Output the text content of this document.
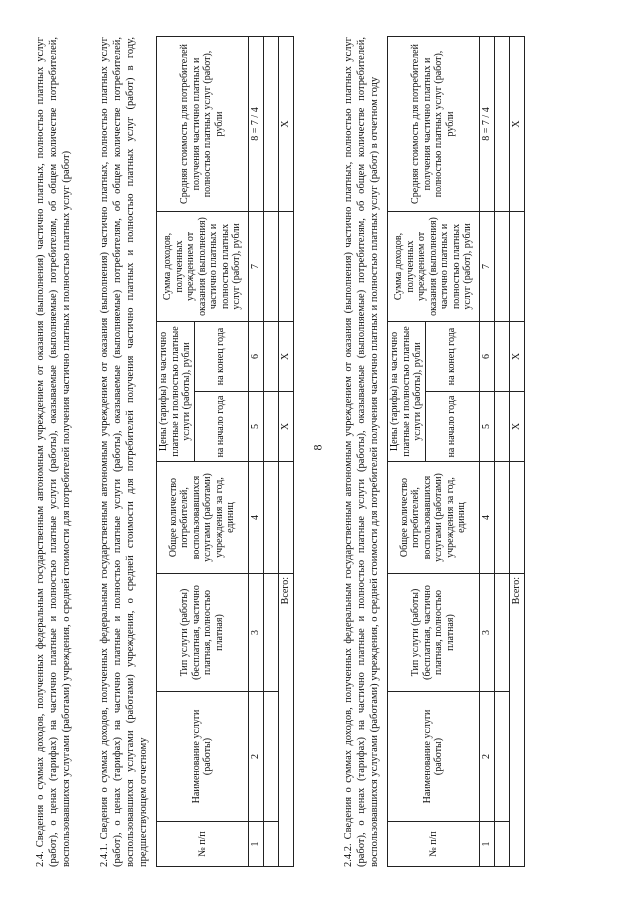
8

2.4.Сведения о суммах доходов, полученных федеральным государственным автономным учреждением от оказания (выполнения) частично платных, полностью платных услуг (работ), о ценах (тарифах) на частично платные и полностью платные услуги (работы), оказываемые (выполняемые) потребителям, об общем количестве потребителей, воспользовавшихся услугами (работами) учреждения, о средней стоимости для потребителей получения частично платных и полностью платных услуг (работ)	2.4.1.Сведения о суммах доходов, полученных федеральным государственным автономным учреждением от оказания (выполнения) частично платных, полностью платных услуг (работ), о ценах (тарифах) на частично платные и полностью платные услуги (работы), оказываемые (выполняемые) потребителям, об общем количестве потребителей, воспользовавшихся услугами (работами) учреждения, о средней стоимости для потребителей получения частично платных и полностью платных услуг (работ) в году, предшествующем отчетному	№ п/п	Наименование услуги (работы)	Тип услуги (работы) (бесплатная, частично платная, полностью платная)	Общее количество потребителей, воспользовавшихся услугами (работами) учреждения за год, единиц	Цены (тарифы) на частично платные и полностью платные услуги (работы), рубли		Сумма доходов, полученных учреждением от оказания (выполнения) частично платных и полностью платных услуг (работ), рубли	Средняя стоимость для потребителей получения частично платных и полностью платных услуг (работ), рубли
				на начало года	на конец года		
1	2	3	4	5	6	7	8 = 7 / 4

Всего:				X	X		X

2.4.2.Сведения о суммах доходов, полученных федеральным государственным автономным учреждением от оказания (выполнения) частично платных, полностью платных услуг (работ), о ценах (тарифах) на частично платные и полностью платные услуги (работы), оказываемые (выполняемые) потребителям, об общем количестве потребителей, воспользовавшихся услугами (работами) учреждения, о средней стоимости для потребителей получения частично платных и полностью платных услуг (работ) в отчетном году	№ п/п	Наименование услуги (работы)	Тип услуги (работы) (бесплатная, частично платная, полностью платная)	Общее количество потребителей, воспользовавшихся услугами (работами) учреждения за год, единиц	Цены (тарифы) на частично платные и полностью платные услуги (работы), рубли		Сумма доходов, полученных учреждением от оказания (выполнения) частично платных и полностью платных услуг (работ), рубли	Средняя стоимость для потребителей получения частично платных и полностью платных услуг (работ), рубли
				на начало года	на конец года		
1	2	3	4	5	6	7	8 = 7 / 4

Всего:				X	X		X
